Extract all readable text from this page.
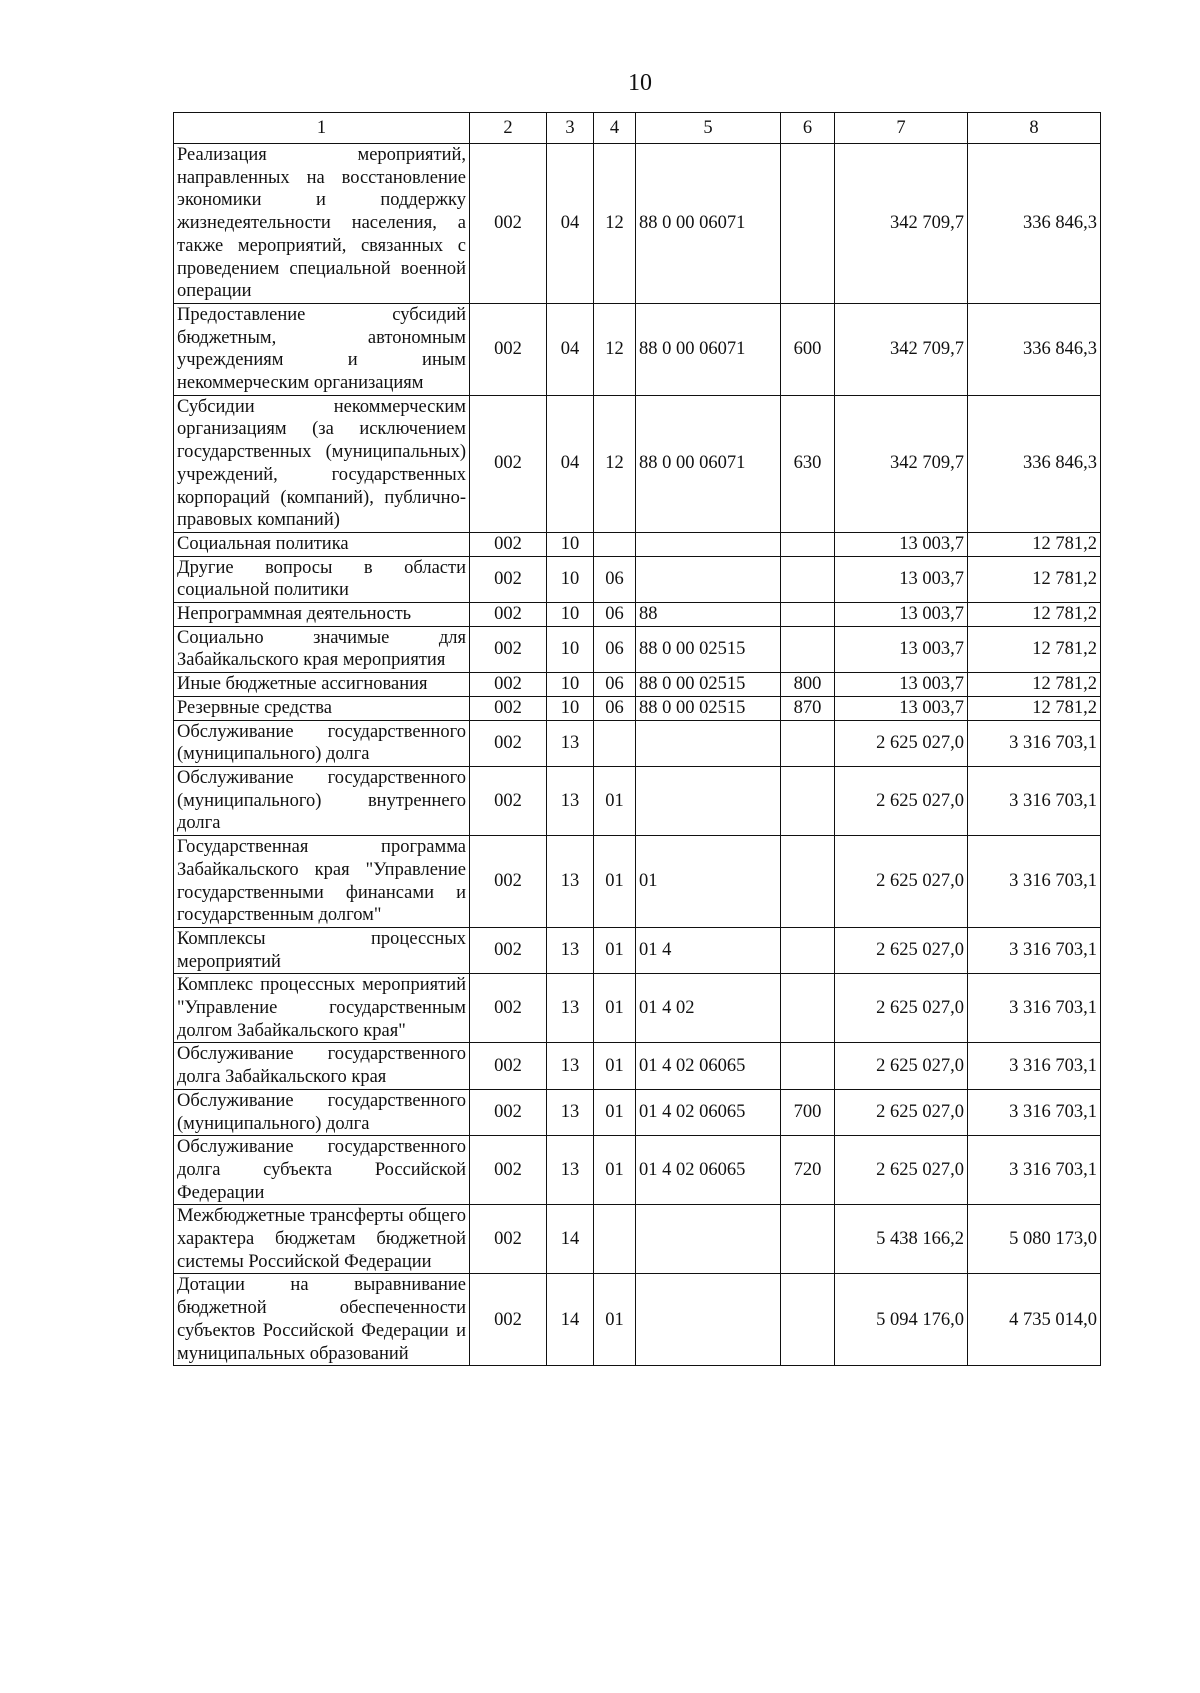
10
1	2	3	4	5	6	7	8
Реализация мероприятий, направленных на восстановление экономики и поддержку жизнедеятельности населения, а также мероприятий, связанных с проведением специальной военной операции	002	04	12	88 0 00 06071		342 709,7	336 846,3
Предоставление субсидий бюджетным, автономным учреждениям и иным некоммерческим организациям	002	04	12	88 0 00 06071	600	342 709,7	336 846,3
Субсидии некоммерческим организациям (за исключением государственных (муниципальных) учреждений, государственных корпораций (компаний), публично-правовых компаний)	002	04	12	88 0 00 06071	630	342 709,7	336 846,3
Социальная политика	002	10				13 003,7	12 781,2
Другие вопросы в области социальной политики	002	10	06			13 003,7	12 781,2
Непрограммная деятельность	002	10	06	88		13 003,7	12 781,2
Социально значимые для Забайкальского края мероприятия	002	10	06	88 0 00 02515		13 003,7	12 781,2
Иные бюджетные ассигнования	002	10	06	88 0 00 02515	800	13 003,7	12 781,2
Резервные средства	002	10	06	88 0 00 02515	870	13 003,7	12 781,2
Обслуживание государственного (муниципального) долга	002	13				2 625 027,0	3 316 703,1
Обслуживание государственного (муниципального) внутреннего долга	002	13	01			2 625 027,0	3 316 703,1
Государственная программа Забайкальского края "Управление государственными финансами и государственным долгом"	002	13	01	01		2 625 027,0	3 316 703,1
Комплексы процессных мероприятий	002	13	01	01 4		2 625 027,0	3 316 703,1
Комплекс процессных мероприятий "Управление государственным долгом Забайкальского края"	002	13	01	01 4 02		2 625 027,0	3 316 703,1
Обслуживание государственного долга Забайкальского края	002	13	01	01 4 02 06065		2 625 027,0	3 316 703,1
Обслуживание государственного (муниципального) долга	002	13	01	01 4 02 06065	700	2 625 027,0	3 316 703,1
Обслуживание государственного долга субъекта Российской Федерации	002	13	01	01 4 02 06065	720	2 625 027,0	3 316 703,1
Межбюджетные трансферты общего характера бюджетам бюджетной системы Российской Федерации	002	14				5 438 166,2	5 080 173,0
Дотации на выравнивание бюджетной обеспеченности субъектов Российской Федерации и муниципальных образований	002	14	01			5 094 176,0	4 735 014,0
